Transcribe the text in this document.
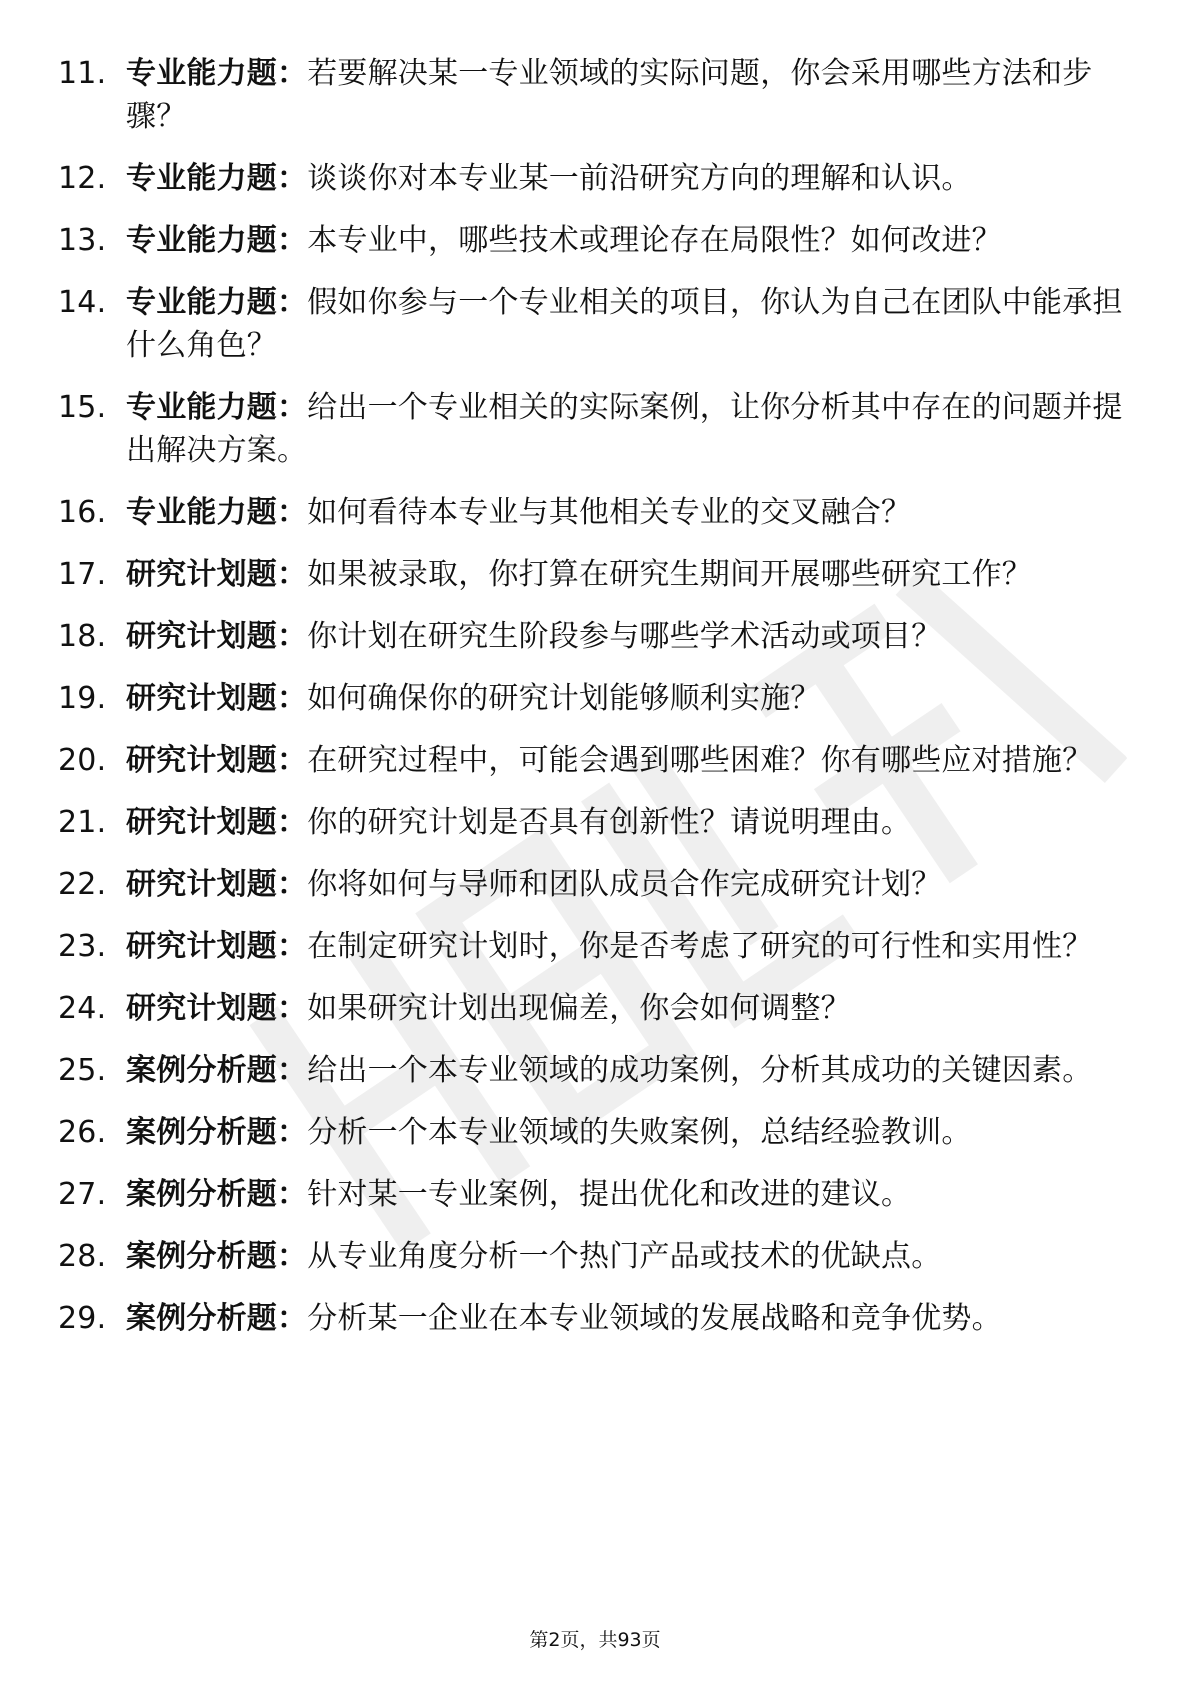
11. 专业能力题：若要解决某一专业领域的实际问题，你会采用哪些方法和步骤？
12. 专业能力题：谈谈你对本专业某一前沿研究方向的理解和认识。
13. 专业能力题：本专业中，哪些技术或理论存在局限性？如何改进？
14. 专业能力题：假如你参与一个专业相关的项目，你认为自己在团队中能承担什么角色？
15. 专业能力题：给出一个专业相关的实际案例，让你分析其中存在的问题并提出解决方案。
16. 专业能力题：如何看待本专业与其他相关专业的交叉融合？
17. 研究计划题：如果被录取，你打算在研究生期间开展哪些研究工作？
18. 研究计划题：你计划在研究生阶段参与哪些学术活动或项目？
19. 研究计划题：如何确保你的研究计划能够顺利实施？
20. 研究计划题：在研究过程中，可能会遇到哪些困难？你有哪些应对措施？
21. 研究计划题：你的研究计划是否具有创新性？请说明理由。
22. 研究计划题：你将如何与导师和团队成员合作完成研究计划？
23. 研究计划题：在制定研究计划时，你是否考虑了研究的可行性和实用性？
24. 研究计划题：如果研究计划出现偏差，你会如何调整？
25. 案例分析题：给出一个本专业领域的成功案例，分析其成功的关键因素。
26. 案例分析题：分析一个本专业领域的失败案例，总结经验教训。
27. 案例分析题：针对某一专业案例，提出优化和改进的建议。
28. 案例分析题：从专业角度分析一个热门产品或技术的优缺点。
29. 案例分析题：分析某一企业在本专业领域的发展战略和竞争优势。
第2页，共93页
